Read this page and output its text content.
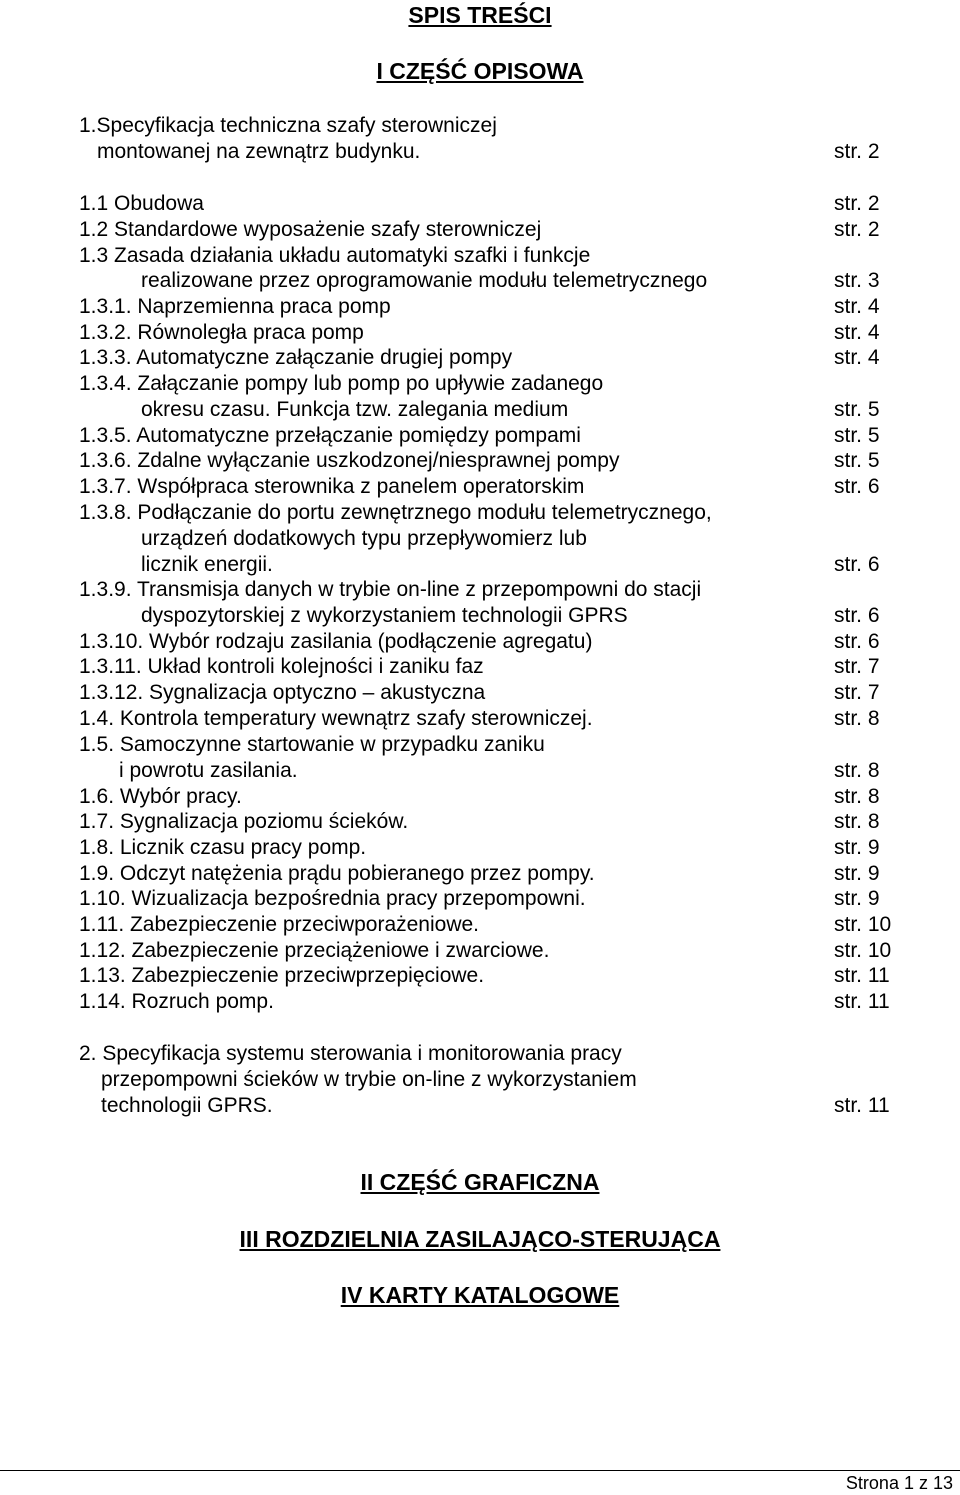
SPIS TREŚCI
I CZĘŚĆ OPISOWA
1.Specyfikacja techniczna szafy sterowniczej
montowanej na zewnątrz budynku.	str. 2
1.1 Obudowa	str. 2
1.2 Standardowe wyposażenie szafy sterowniczej	str. 2
1.3 Zasada działania układu automatyki szafki i funkcje
realizowane przez oprogramowanie modułu telemetrycznego	str. 3
1.3.1. Naprzemienna praca pomp	str. 4
1.3.2. Równoległa praca pomp	str. 4
1.3.3. Automatyczne załączanie drugiej pompy	str. 4
1.3.4. Załączanie pompy lub pomp po upływie zadanego
okresu czasu. Funkcja tzw. zalegania medium	str. 5
1.3.5. Automatyczne przełączanie pomiędzy pompami	str. 5
1.3.6. Zdalne wyłączanie uszkodzonej/niesprawnej pompy	str. 5
1.3.7. Współpraca sterownika z panelem operatorskim	str. 6
1.3.8. Podłączanie do portu zewnętrznego modułu telemetrycznego,
urządzeń dodatkowych typu przepływomierz lub
licznik energii.	str. 6
1.3.9. Transmisja danych w trybie on-line z przepompowni do stacji
dyspozytorskiej z wykorzystaniem technologii GPRS	str. 6
1.3.10. Wybór rodzaju zasilania (podłączenie agregatu)	str. 6
1.3.11. Układ kontroli kolejności i zaniku faz	str. 7
1.3.12. Sygnalizacja optyczno – akustyczna	str. 7
1.4. Kontrola temperatury wewnątrz szafy sterowniczej.	str. 8
1.5. Samoczynne startowanie w przypadku zaniku
i powrotu zasilania.	str. 8
1.6. Wybór pracy.	str. 8
1.7. Sygnalizacja poziomu ścieków.	str. 8
1.8. Licznik czasu pracy pomp.	str. 9
1.9. Odczyt natężenia prądu pobieranego przez pompy.	str. 9
1.10. Wizualizacja bezpośrednia pracy przepompowni.	str. 9
1.11. Zabezpieczenie przeciwporażeniowe.	str. 10
1.12. Zabezpieczenie przeciążeniowe i zwarciowe.	str. 10
1.13. Zabezpieczenie przeciwprzepięciowe.	str. 11
1.14. Rozruch pomp.	str. 11
2. Specyfikacja systemu sterowania i monitorowania pracy
przepompowni ścieków w trybie on-line z wykorzystaniem
technologii GPRS.	str. 11
II CZĘŚĆ GRAFICZNA
III ROZDZIELNIA ZASILAJĄCO-STERUJĄCA
IV KARTY KATALOGOWE
Strona 1 z 13
